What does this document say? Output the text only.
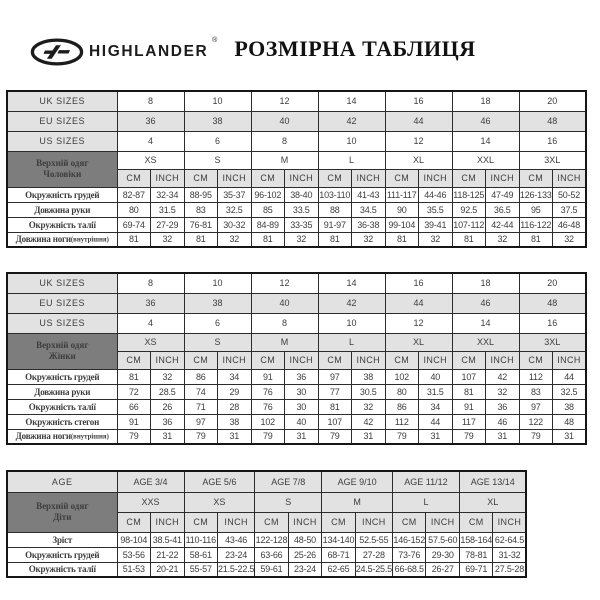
HIGHLANDER
® РОЗМІРНА ТАБЛИЦЯ
UK SIZES	8		10		12		14		16		18		20	
EU SIZES	36		38		40		42		44		46		48	
US SIZES	4		6		8		10		12		14		16	

Верхній одяг
Чоловіки	XS		S		M		L		XL		XXL		3XL	
	CM	INCH	CM	INCH	CM	INCH	CM	INCH	CM	INCH	CM	INCH	CM	INCH
Окружність грудей	82-87	32-34	88-95	35-37	96-102	38-40	103-110	41-43	111-117	44-46	118-125	47-49	126-133	50-52
Довжина руки	80	31.5	83	32.5	85	33.5	88	34.5	90	35.5	92.5	36.5	95	37.5
Окружність талії	69-74	27-29	76-81	30-32	84-89	33-35	91-97	36-38	99-104	39-41	107-112	42-44	116-122	46-48
Довжина ноги(внутрішня)	81	32	81	32	81	32	81	32	81	32	81	32	81	32
UK SIZES	8		10		12		14		16		18		20	
EU SIZES	36		38		40		42		44		46		48	
US SIZES	4		6		8		10		12		14		16	

Верхній одяг
Жінки	XS		S		M		L		XL		XXL		3XL	
	CM	INCH	CM	INCH	CM	INCH	CM	INCH	CM	INCH	CM	INCH	CM	INCH
Окружність грудей	81	32	86	34	91	36	97	38	102	40	107	42	112	44
Довжина руки	72	28.5	74	29	76	30	77	30.5	80	31.5	81	32	83	32.5
Окружність талії	66	26	71	28	76	30	81	32	86	34	91	36	97	38
Окружність стегон	91	36	97	38	102	40	107	42	112	44	117	46	122	48
Довжина ноги(внутрішня)	79	31	79	31	79	31	79	31	79	31	79	31	79	31
AGE	AGE 3/4		AGE 5/6		AGE 7/8		AGE 9/10		AGE 11/12		AGE 13/14	

Верхній одяг
Діти	XXS		XS		S		M		L		XL	
	CM	INCH	CM	INCH	CM	INCH	CM	INCH	CM	INCH	CM	INCH
Зріст	98-104	38.5-41	110-116	43-46	122-128	48-50	134-140	52.5-55	146-152	57.5-60	158-164	62-64.5
Окружність грудей	53-56	21-22	58-61	23-24	63-66	25-26	68-71	27-28	73-76	29-30	78-81	31-32
Окружність талії	51-53	20-21	55-57	21.5-22.5	59-61	23-24	62-65	24.5-25.5	66-68.5	26-27	69-71	27.5-28
